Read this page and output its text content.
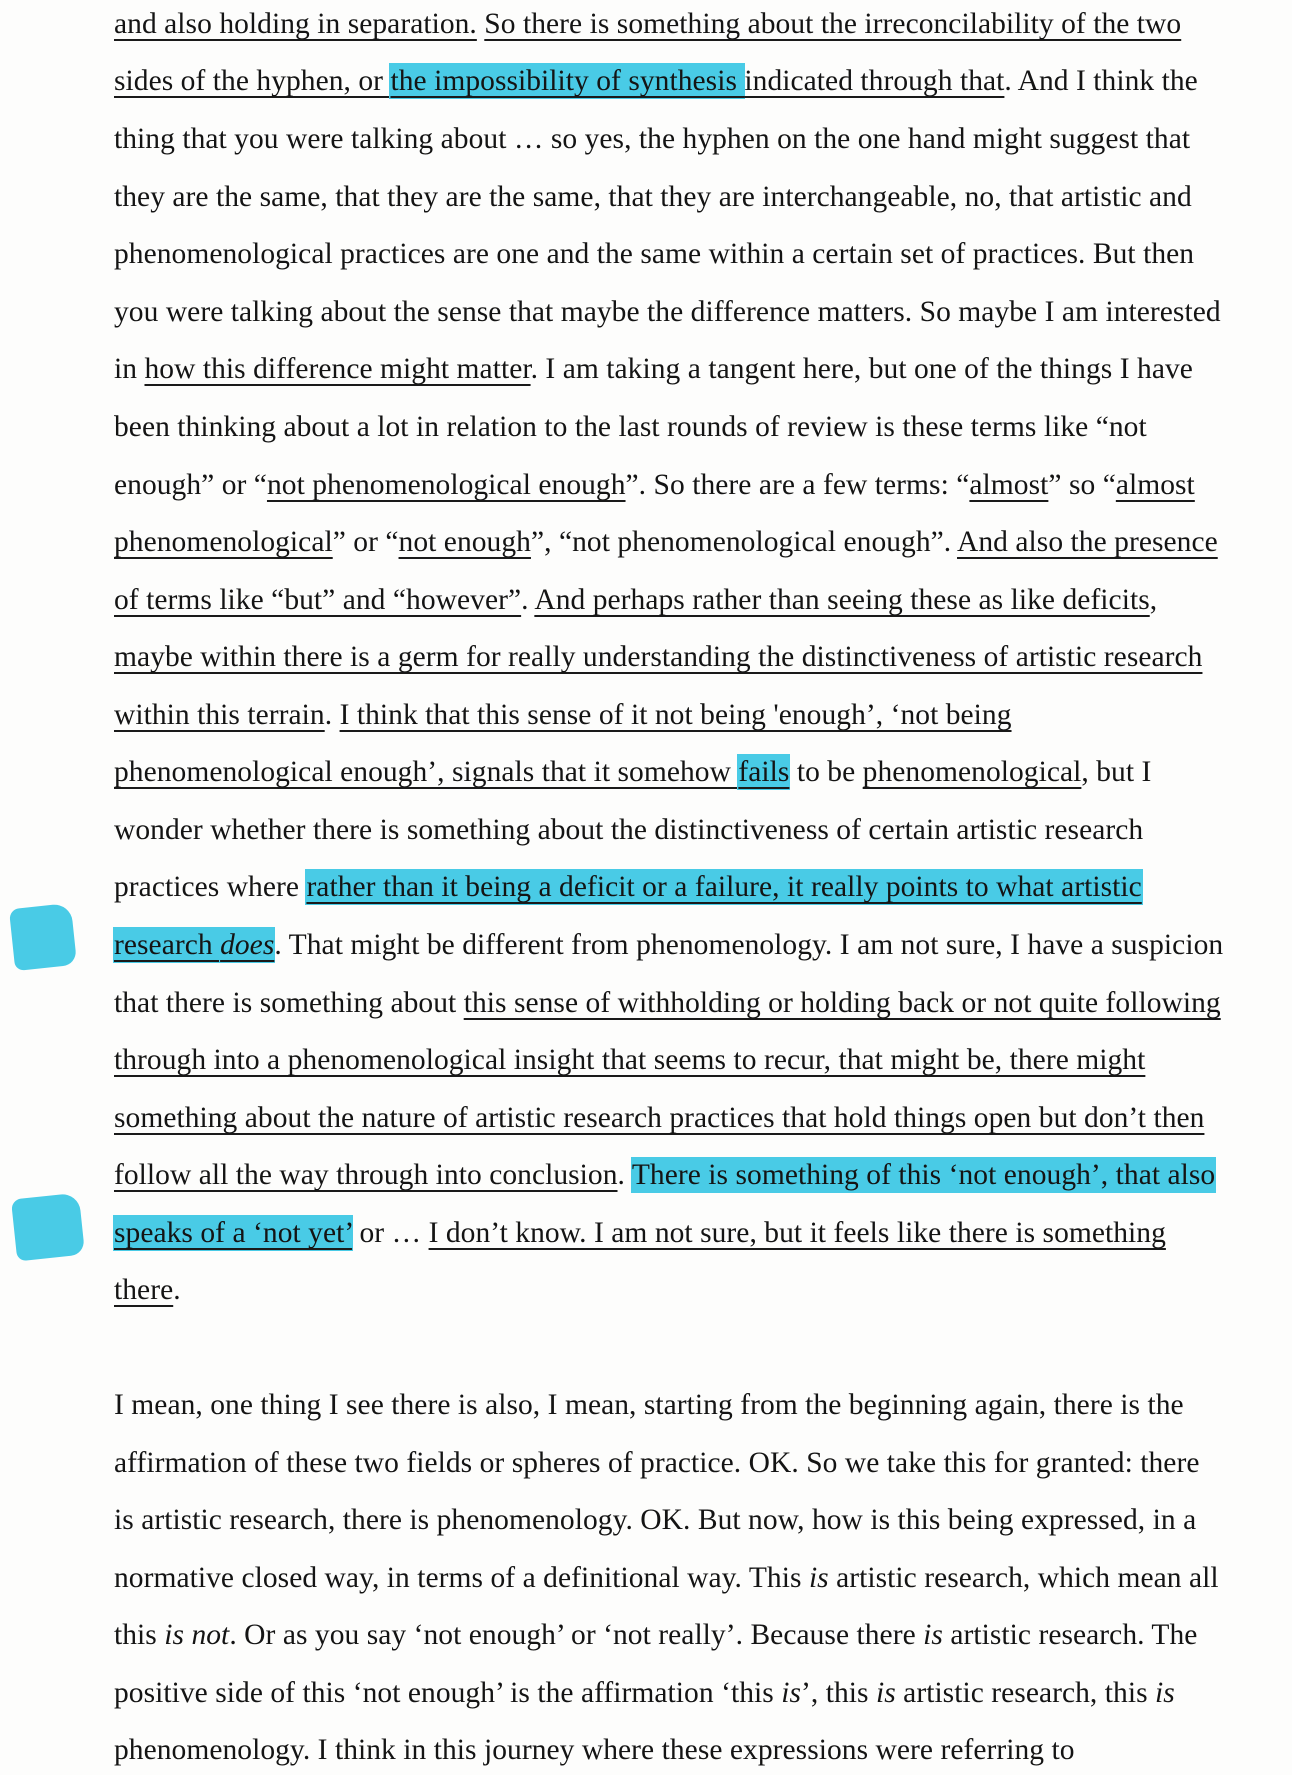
and also holding in separation. So there is something about the irreconcilability of the two
sides of the hyphen, or the impossibility of synthesis indicated through that. And I think the
thing that you were talking about … so yes, the hyphen on the one hand might suggest that
they are the same, that they are the same, that they are interchangeable, no, that artistic and
phenomenological practices are one and the same within a certain set of practices. But then
you were talking about the sense that maybe the difference matters. So maybe I am interested
in how this difference might matter. I am taking a tangent here, but one of the things I have
been thinking about a lot in relation to the last rounds of review is these terms like “not
enough” or “not phenomenological enough”. So there are a few terms: “almost” so “almost
phenomenological” or “not enough”, “not phenomenological enough”. And also the presence
of terms like “but” and “however”. And perhaps rather than seeing these as like deficits,
maybe within there is a germ for really understanding the distinctiveness of artistic research
within this terrain. I think that this sense of it not being 'enough’, ‘not being
phenomenological enough’, signals that it somehow fails to be phenomenological, but I
wonder whether there is something about the distinctiveness of certain artistic research
practices where rather than it being a deficit or a failure, it really points to what artistic
research does. That might be different from phenomenology. I am not sure, I have a suspicion
that there is something about this sense of withholding or holding back or not quite following
through into a phenomenological insight that seems to recur, that might be, there might
something about the nature of artistic research practices that hold things open but don’t then
follow all the way through into conclusion. There is something of this ‘not enough’, that also
speaks of a ‘not yet’ or … I don’t know. I am not sure, but it feels like there is something
there.
I mean, one thing I see there is also, I mean, starting from the beginning again, there is the
affirmation of these two fields or spheres of practice. OK. So we take this for granted: there
is artistic research, there is phenomenology. OK. But now, how is this being expressed, in a
normative closed way, in terms of a definitional way. This is artistic research, which mean all
this is not. Or as you say ‘not enough’ or ‘not really’. Because there is artistic research. The
positive side of this ‘not enough’ is the affirmation ‘this is’, this is artistic research, this is
phenomenology. I think in this journey where these expressions were referring to
